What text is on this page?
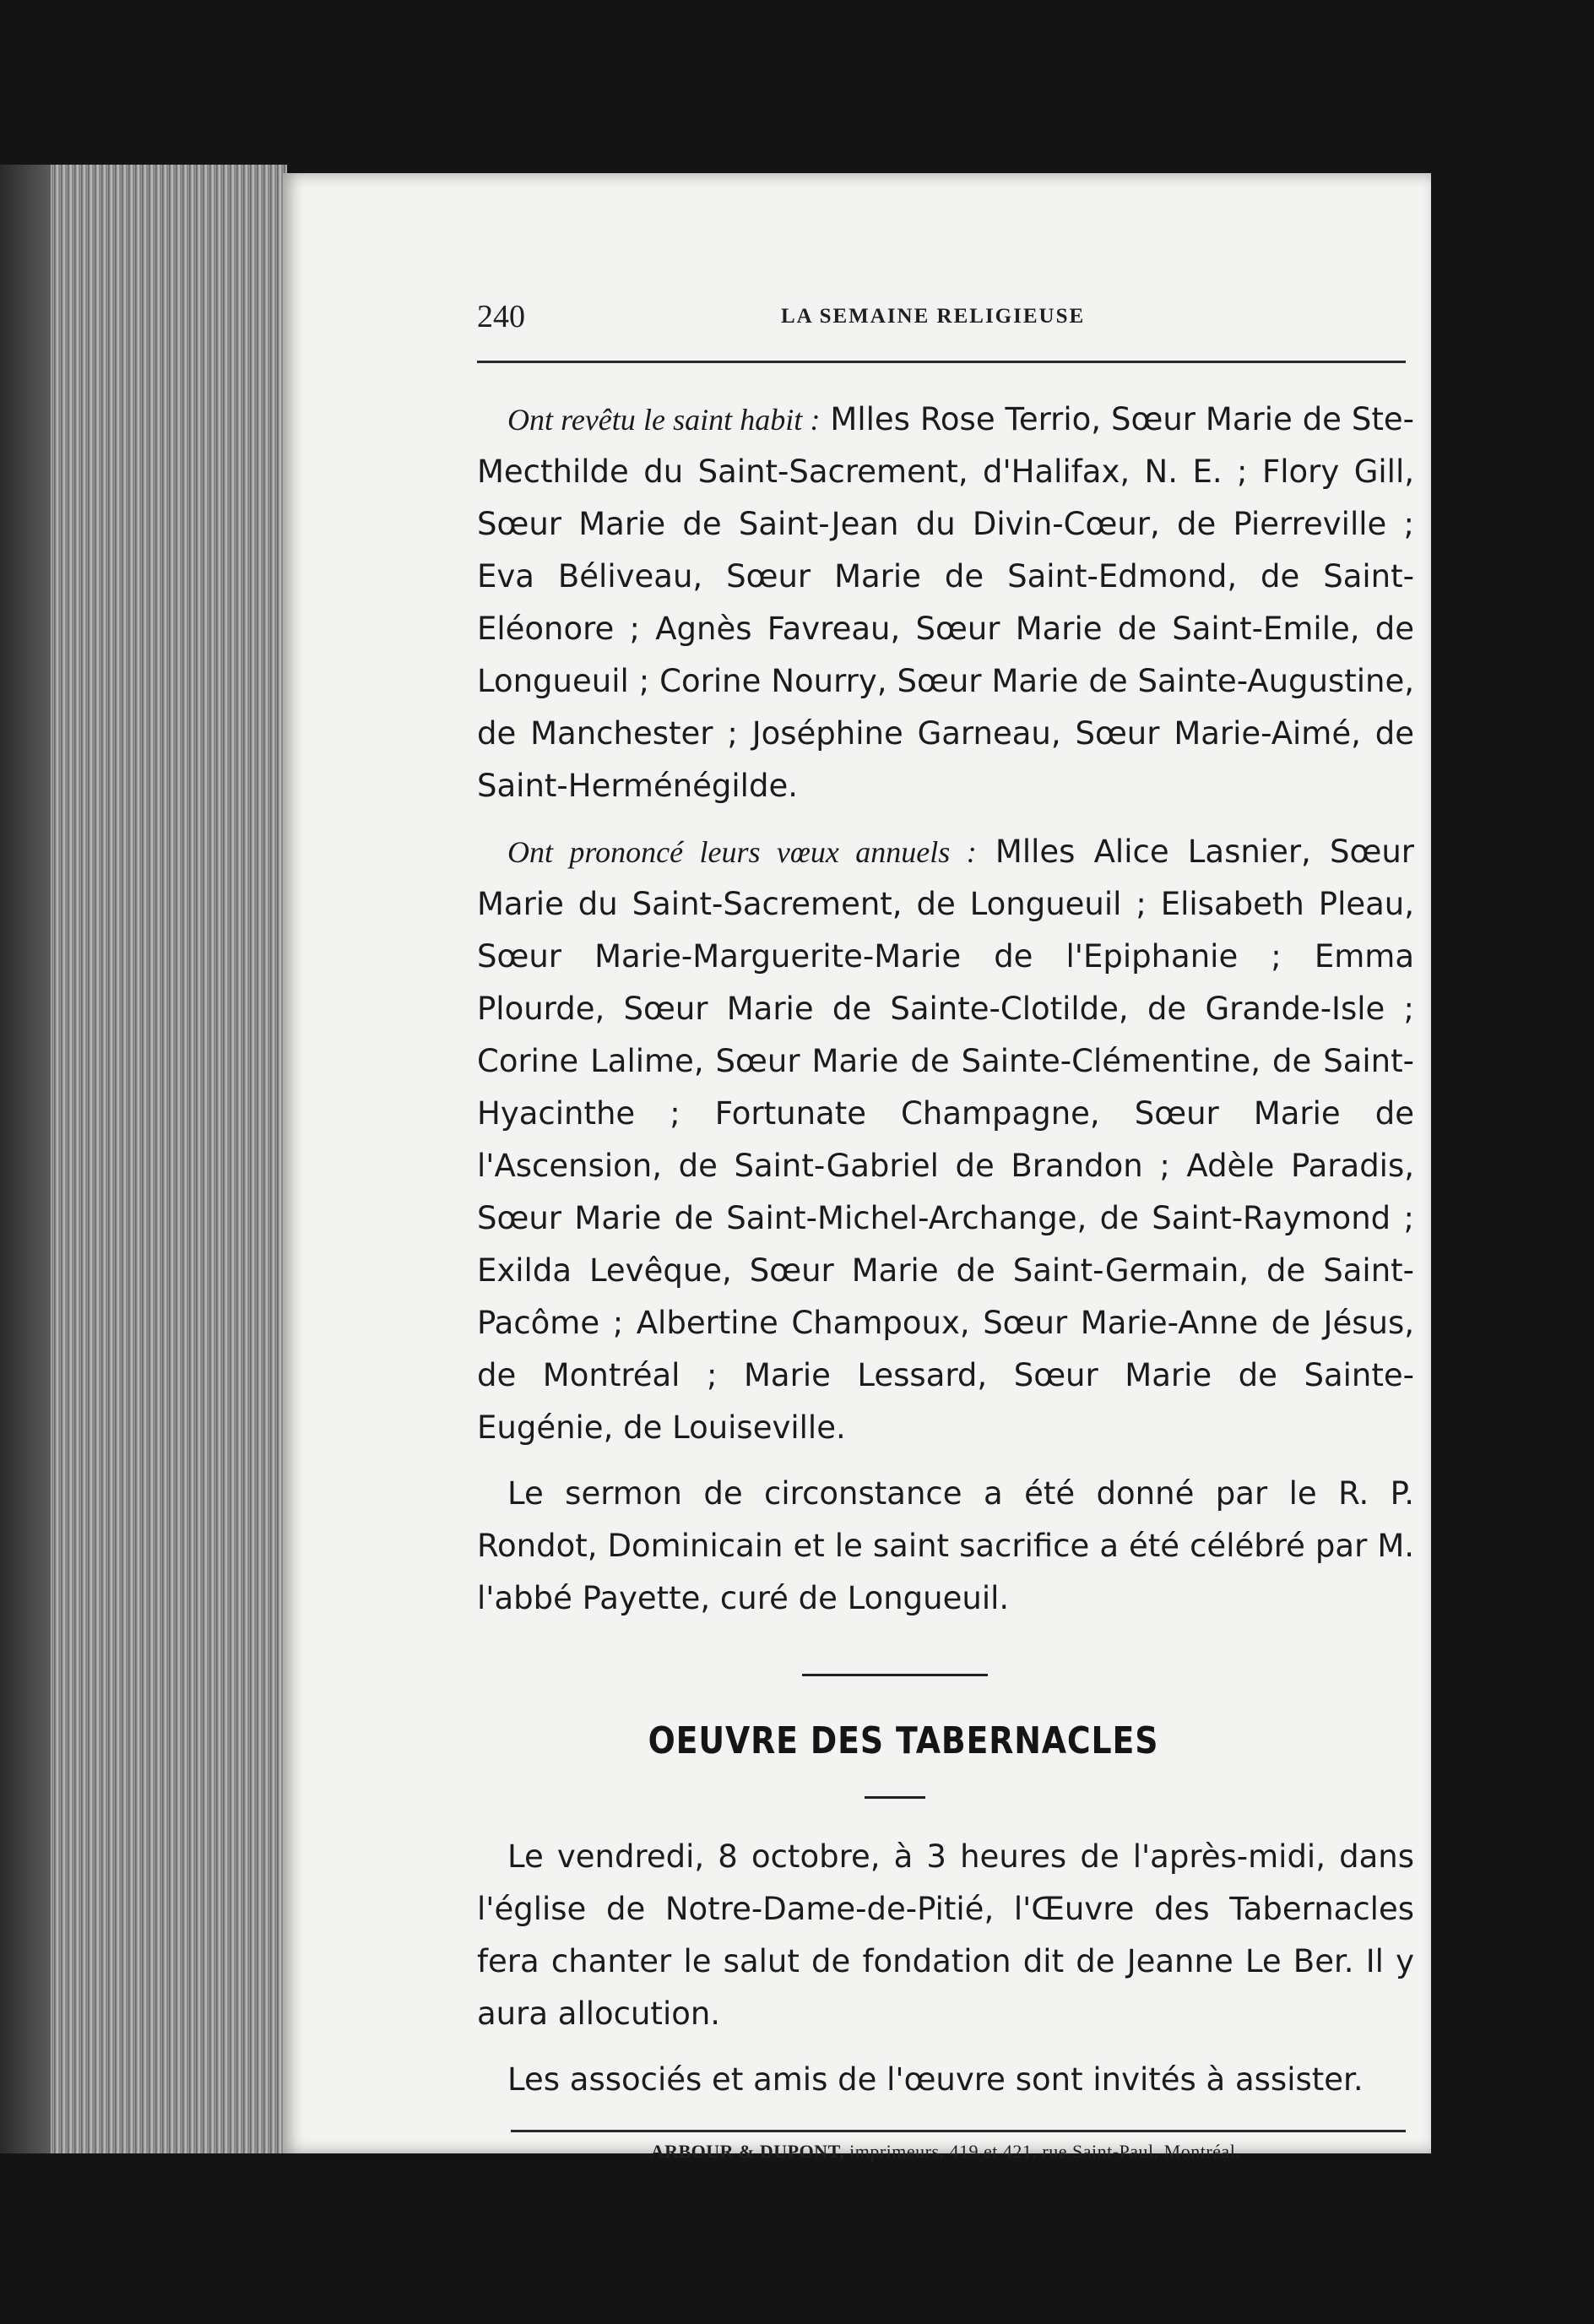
240	LA SEMAINE RELIGIEUSE

Ont revêtu le saint habit : Mlles Rose Terrio, Sœur Marie de Ste-Mecthilde du Saint-Sacrement, d'Halifax, N. E. ; Flory Gill, Sœur Marie de Saint-Jean du Divin-Cœur, de Pierreville ; Eva Béliveau, Sœur Marie de Saint-Edmond, de Saint-Eléonore ; Agnès Favreau, Sœur Marie de Saint-Emile, de Longueuil ; Corine Nourry, Sœur Marie de Sainte-Augustine, de Manchester ; Joséphine Garneau, Sœur Marie-Aimé, de Saint-Herménégilde.

Ont prononcé leurs vœux annuels : Mlles Alice Lasnier, Sœur Marie du Saint-Sacrement, de Longueuil ; Elisabeth Pleau, Sœur Marie-Marguerite-Marie de l'Epiphanie ; Emma Plourde, Sœur Marie de Sainte-Clotilde, de Grande-Isle ; Corine Lalime, Sœur Marie de Sainte-Clémentine, de Saint-Hyacinthe ; Fortunate Champagne, Sœur Marie de l'Ascension, de Saint-Gabriel de Brandon ; Adèle Paradis, Sœur Marie de Saint-Michel-Archange, de Saint-Raymond ; Exilda Levêque, Sœur Marie de Saint-Germain, de Saint-Pacôme ; Albertine Champoux, Sœur Marie-Anne de Jésus, de Montréal ; Marie Lessard, Sœur Marie de Sainte-Eugénie, de Louiseville.

Le sermon de circonstance a été donné par le R. P. Rondot, Dominicain et le saint sacrifice a été célébré par M. l'abbé Payette, curé de Longueuil.

OEUVRE DES TABERNACLES

Le vendredi, 8 octobre, à 3 heures de l'après-midi, dans l'église de Notre-Dame-de-Pitié, l'Œuvre des Tabernacles fera chanter le salut de fondation dit de Jeanne Le Ber. Il y aura allocution.

Les associés et amis de l'œuvre sont invités à assister.

ARBOUR & DUPONT, imprimeurs, 419 et 421, rue Saint-Paul, Montréal.
